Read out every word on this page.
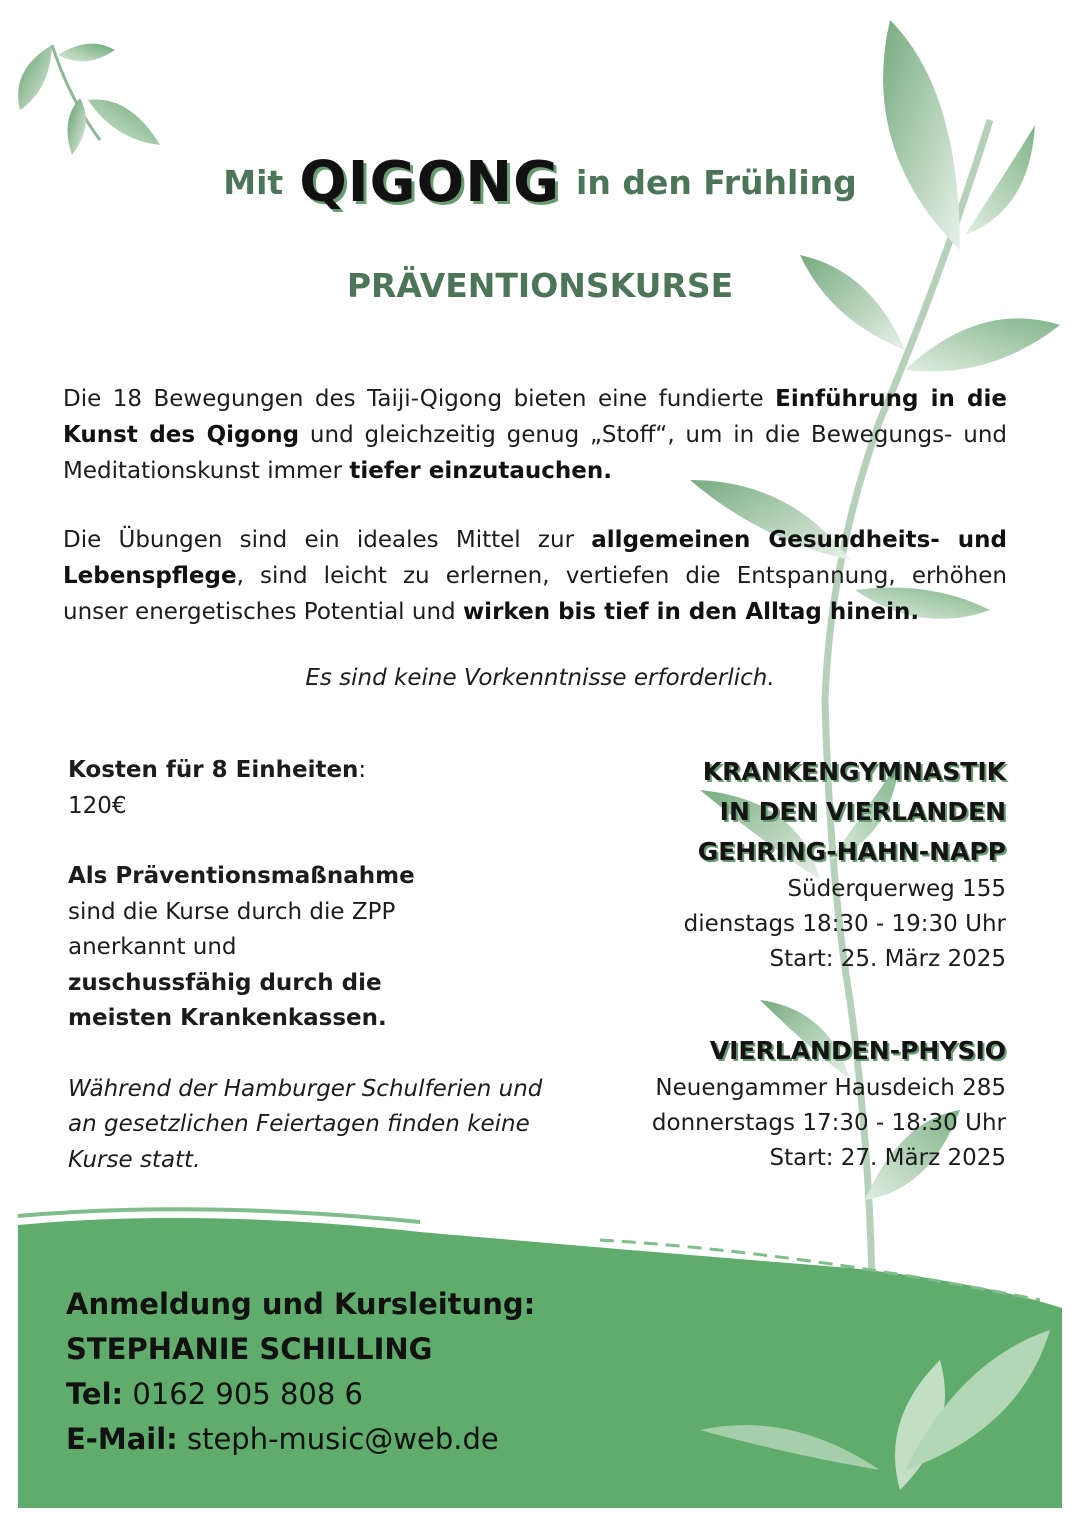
Mit QIGONG in den Frühling
PRÄVENTIONSKURSE
Die 18 Bewegungen des Taiji-Qigong bieten eine fundierte Einführung in die Kunst des Qigong und gleichzeitig genug „Stoff“, um in die Bewegungs- und Meditationskunst immer tiefer einzutauchen.
Die Übungen sind ein ideales Mittel zur allgemeinen Gesundheits- und Lebenspflege, sind leicht zu erlernen, vertiefen die Entspannung, erhöhen unser energetisches Potential und wirken bis tief in den Alltag hinein.
Es sind keine Vorkenntnisse erforderlich.
Kosten für 8 Einheiten:
120€
Als Präventionsmaßnahme
sind die Kurse durch die ZPP
anerkannt und
zuschussfähig durch die
meisten Krankenkassen.
Während der Hamburger Schulferien und
an gesetzlichen Feiertagen finden keine
Kurse statt.
KRANKENGYMNASTIK
IN DEN VIERLANDEN
GEHRING-HAHN-NAPP
Süderquerweg 155
dienstags 18:30 - 19:30 Uhr
Start: 25. März 2025
VIERLANDEN-PHYSIO
Neuengammer Hausdeich 285
donnerstags 17:30 - 18:30 Uhr
Start: 27. März 2025
Anmeldung und Kursleitung:
STEPHANIE SCHILLING
Tel: 0162 905 808 6
E-Mail: steph-music@web.de
